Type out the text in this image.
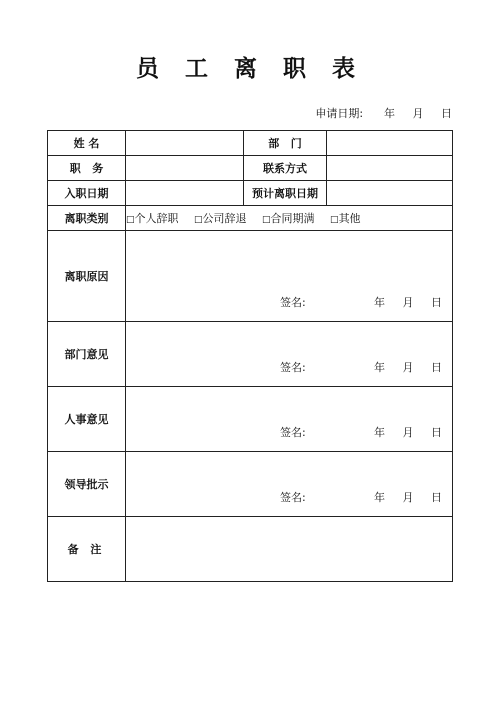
员 工 离 职 表
申请日期:      年     月     日
姓 名		部   门	
职   务		联系方式	
入职日期		预计离职日期	
离职类别	□个人辞职 □公司辞退 □合同期满 □其他		
离职原因	签名: 年     月     日		

部门意见	签名: 年     月     日		

人事意见	签名: 年     月     日		

领导批示	签名: 年     月     日		

备 注			
